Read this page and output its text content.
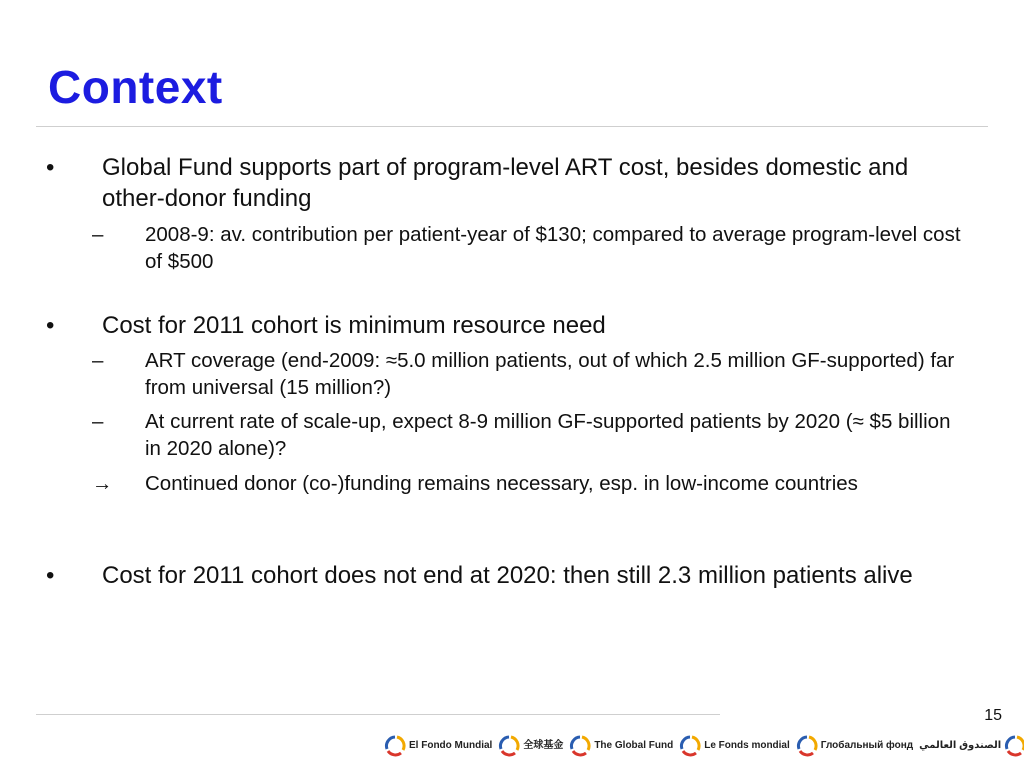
Context
• Global Fund supports part of program-level ART cost, besides domestic and other-donor funding
– 2008-9: av. contribution per patient-year of $130; compared to average program-level cost of $500
• Cost for 2011 cohort is minimum resource need
– ART coverage (end-2009: ≈5.0 million patients, out of which 2.5 million GF-supported) far from universal (15 million?)
– At current rate of scale-up, expect 8-9 million GF-supported patients by 2020 (≈ $5 billion in 2020 alone)?
→ Continued donor (co-)funding remains necessary, esp. in low-income countries
• Cost for 2011 cohort does not end at 2020: then still 2.3 million patients alive
15
El Fondo Mundial	全球基金	The Global Fund	Le Fonds mondial	Глобальный фонд الصندوق العالمي
